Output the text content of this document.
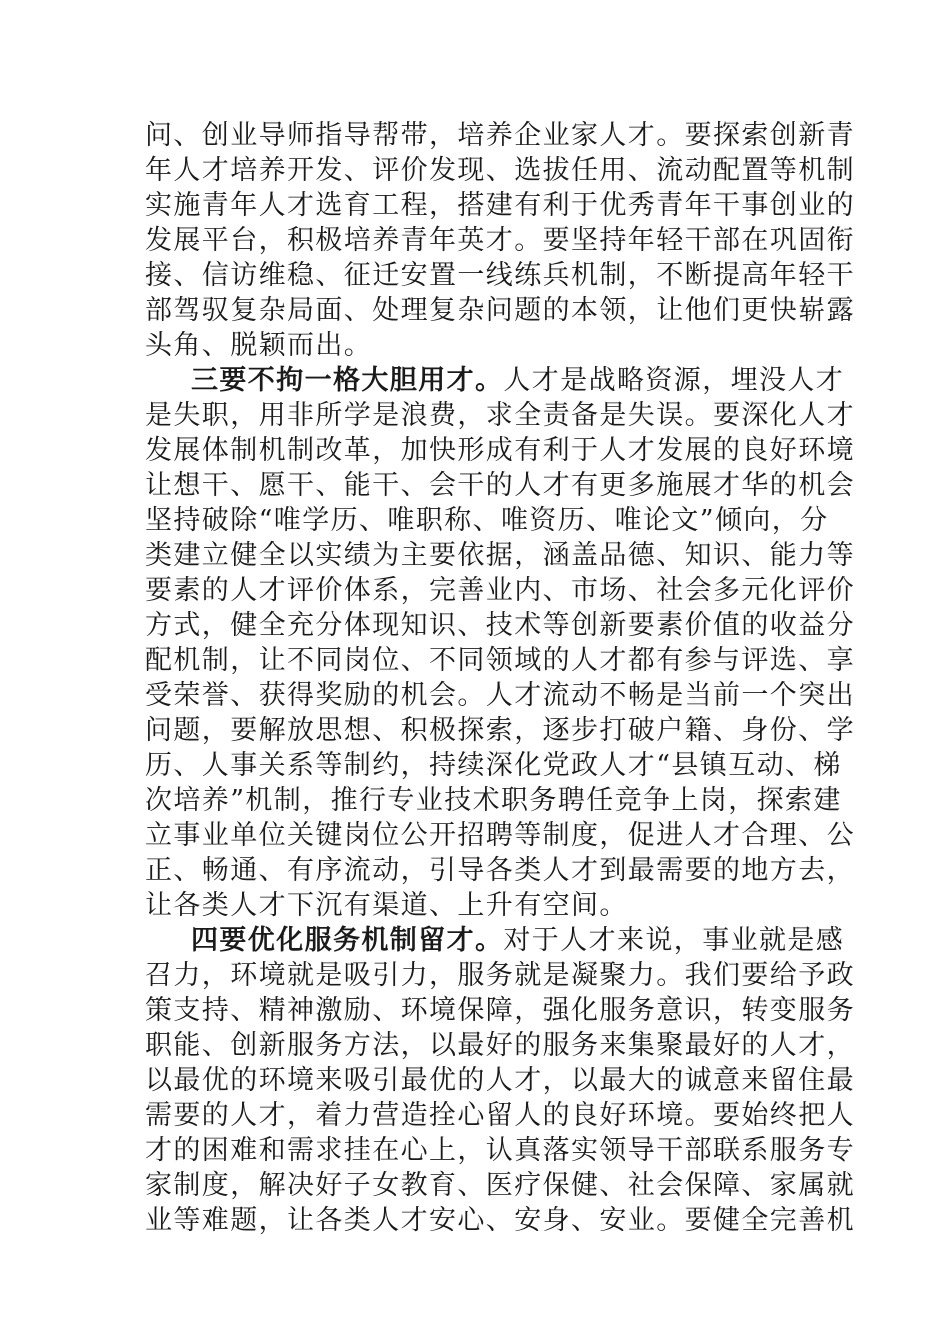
问、创业导师指导帮带，培养企业家人才。要探索创新青
年人才培养开发、评价发现、选拔任用、流动配置等机制
实施青年人才选育工程，搭建有利于优秀青年干事创业的
发展平台，积极培养青年英才。要坚持年轻干部在巩固衔
接、信访维稳、征迁安置一线练兵机制，不断提高年轻干
部驾驭复杂局面、处理复杂问题的本领，让他们更快崭露
头角、脱颖而出。
三要不拘一格大胆用才。人才是战略资源，埋没人才
是失职，用非所学是浪费，求全责备是失误。要深化人才
发展体制机制改革，加快形成有利于人才发展的良好环境
让想干、愿干、能干、会干的人才有更多施展才华的机会
坚持破除“唯学历、唯职称、唯资历、唯论文”倾向，分
类建立健全以实绩为主要依据，涵盖品德、知识、能力等
要素的人才评价体系，完善业内、市场、社会多元化评价
方式，健全充分体现知识、技术等创新要素价值的收益分
配机制，让不同岗位、不同领域的人才都有参与评选、享
受荣誉、获得奖励的机会。人才流动不畅是当前一个突出
问题，要解放思想、积极探索，逐步打破户籍、身份、学
历、人事关系等制约，持续深化党政人才“县镇互动、梯
次培养”机制，推行专业技术职务聘任竞争上岗，探索建
立事业单位关键岗位公开招聘等制度，促进人才合理、公
正、畅通、有序流动，引导各类人才到最需要的地方去，
让各类人才下沉有渠道、上升有空间。
四要优化服务机制留才。对于人才来说，事业就是感
召力，环境就是吸引力，服务就是凝聚力。我们要给予政
策支持、精神激励、环境保障，强化服务意识，转变服务
职能、创新服务方法，以最好的服务来集聚最好的人才，
以最优的环境来吸引最优的人才，以最大的诚意来留住最
需要的人才，着力营造拴心留人的良好环境。要始终把人
才的困难和需求挂在心上，认真落实领导干部联系服务专
家制度，解决好子女教育、医疗保健、社会保障、家属就
业等难题，让各类人才安心、安身、安业。要健全完善机
